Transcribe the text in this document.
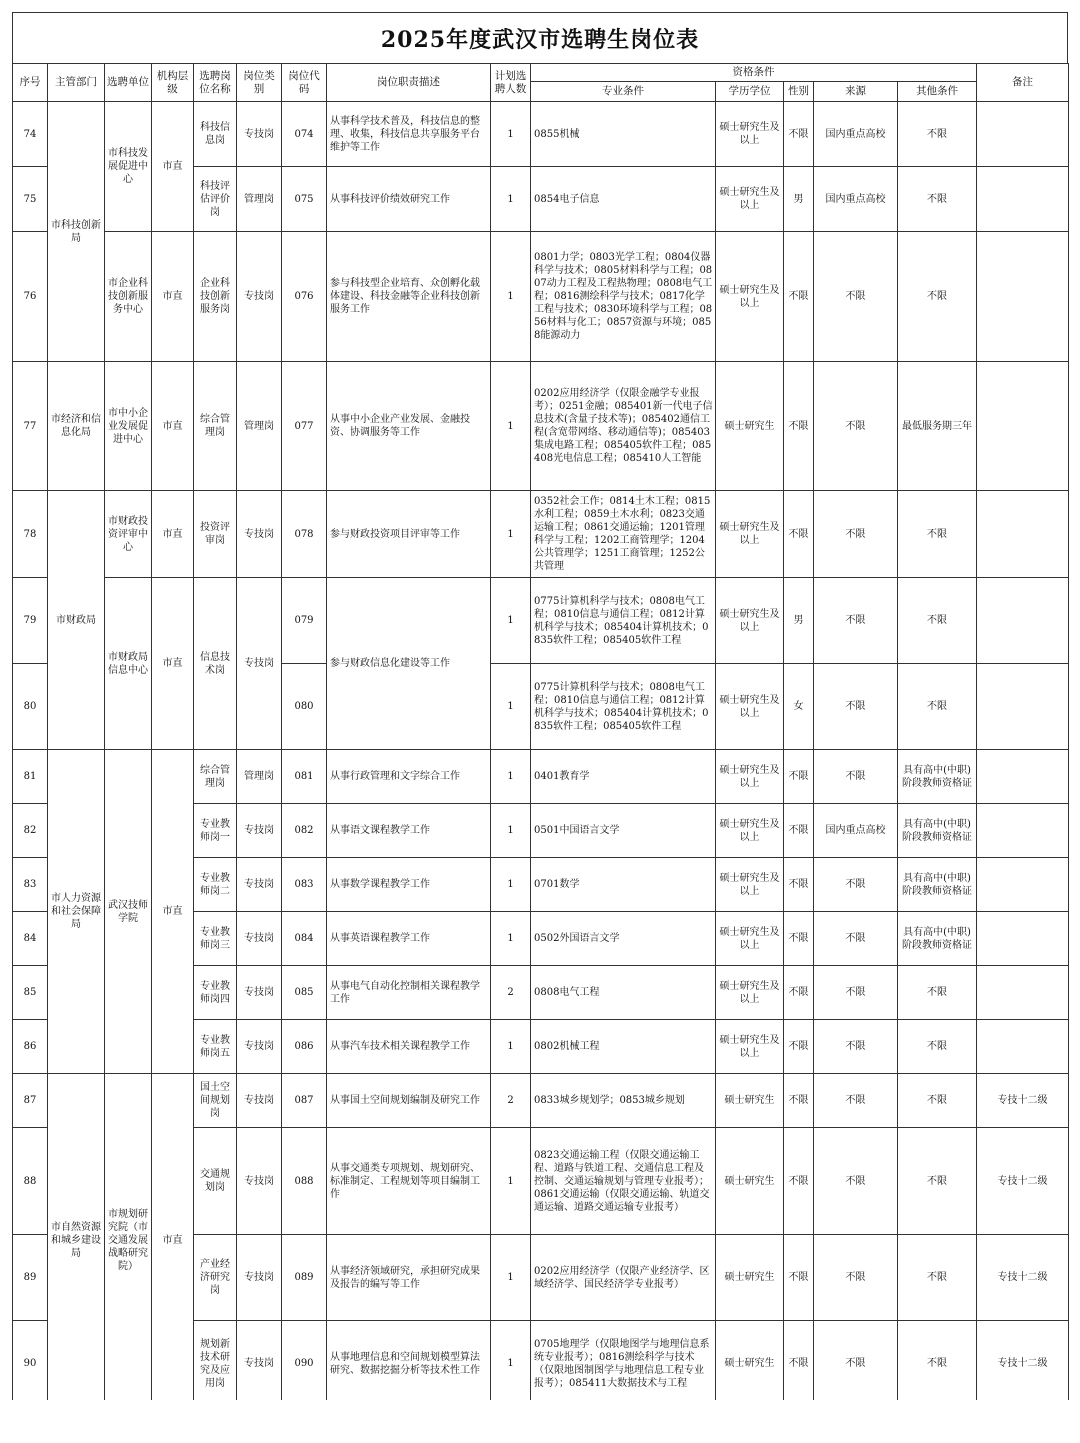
2025年度武汉市选聘生岗位表
序号	主管部门	选聘单位	机构层级	选聘岗位名称	岗位类别	岗位代码	岗位职责描述	计划选聘人数	资格条件					备注
									专业条件	学历学位	性别	来源	其他条件	
74	市科技创新局	市科技发展促进中心	市直	科技信息岗	专技岗	074	从事科学技术普及，科技信息的整理、收集，科技信息共享服务平台维护等工作	1	0855机械	硕士研究生及以上	不限	国内重点高校	不限	
75				科技评估评价岗	管理岗	075	从事科技评价绩效研究工作	1	0854电子信息	硕士研究生及以上	男	国内重点高校	不限	
76		市企业科技创新服务中心	市直	企业科技创新服务岗	专技岗	076	参与科技型企业培育、众创孵化载体建设、科技金融等企业科技创新服务工作	1	0801力学；0803光学工程；0804仪器科学与技术；0805材料科学与工程；0807动力工程及工程热物理；0808电气工程；0816测绘科学与技术；0817化学工程与技术；0830环境科学与工程；0856材料与化工；0857资源与环境；0858能源动力	硕士研究生及以上	不限	不限	不限	
77	市经济和信息化局	市中小企业发展促进中心	市直	综合管理岗	管理岗	077	从事中小企业产业发展、金融投资、协调服务等工作	1	0202应用经济学（仅限金融学专业报考）；0251金融；085401新一代电子信息技术(含量子技术等)；085402通信工程(含宽带网络、移动通信等)；085403集成电路工程；085405软件工程；085408光电信息工程；085410人工智能	硕士研究生	不限	不限	最低服务期三年	
78	市财政局	市财政投资评审中心	市直	投资评审岗	专技岗	078	参与财政投资项目评审等工作	1	0352社会工作；0814土木工程；0815水利工程；0859土木水利；0823交通运输工程；0861交通运输；1201管理科学与工程；1202工商管理学；1204公共管理学；1251工商管理；1252公共管理	硕士研究生及以上	不限	不限	不限	
79		市财政局信息中心	市直	信息技术岗	专技岗	079	参与财政信息化建设等工作	1	0775计算机科学与技术；0808电气工程；0810信息与通信工程；0812计算机科学与技术；085404计算机技术；0835软件工程；085405软件工程	硕士研究生及以上	男	不限	不限	
80						080		1	0775计算机科学与技术；0808电气工程；0810信息与通信工程；0812计算机科学与技术；085404计算机技术；0835软件工程；085405软件工程	硕士研究生及以上	女	不限	不限	
81	市人力资源和社会保障局	武汉技师学院	市直	综合管理岗	管理岗	081	从事行政管理和文字综合工作	1	0401教育学	硕士研究生及以上	不限	不限	具有高中(中职)阶段教师资格证	
82				专业教师岗一	专技岗	082	从事语文课程教学工作	1	0501中国语言文学	硕士研究生及以上	不限	国内重点高校	具有高中(中职)阶段教师资格证	
83				专业教师岗二	专技岗	083	从事数学课程教学工作	1	0701数学	硕士研究生及以上	不限	不限	具有高中(中职)阶段教师资格证	
84				专业教师岗三	专技岗	084	从事英语课程教学工作	1	0502外国语言文学	硕士研究生及以上	不限	不限	具有高中(中职)阶段教师资格证	
85				专业教师岗四	专技岗	085	从事电气自动化控制相关课程教学工作	2	0808电气工程	硕士研究生及以上	不限	不限	不限	
86				专业教师岗五	专技岗	086	从事汽车技术相关课程教学工作	1	0802机械工程	硕士研究生及以上	不限	不限	不限	
87	市自然资源和城乡建设局	市规划研究院（市交通发展战略研究院）	市直	国土空间规划岗	专技岗	087	从事国土空间规划编制及研究工作	2	0833城乡规划学；0853城乡规划	硕士研究生	不限	不限	不限	专技十二级
88				交通规划岗	专技岗	088	从事交通类专项规划、规划研究、标准制定、工程规划等项目编制工作	1	0823交通运输工程（仅限交通运输工程、道路与铁道工程、交通信息工程及控制、交通运输规划与管理专业报考）；0861交通运输（仅限交通运输、轨道交通运输、道路交通运输专业报考）	硕士研究生	不限	不限	不限	专技十二级
89				产业经济研究岗	专技岗	089	从事经济领域研究，承担研究成果及报告的编写等工作	1	0202应用经济学（仅限产业经济学、区域经济学、国民经济学专业报考）	硕士研究生	不限	不限	不限	专技十二级
90				规划新技术研究及应用岗	专技岗	090	从事地理信息和空间规划模型算法研究、数据挖掘分析等技术性工作	1	0705地理学（仅限地图学与地理信息系统专业报考）；0816测绘科学与技术（仅限地图制图学与地理信息工程专业报考）；085411大数据技术与工程	硕士研究生	不限	不限	不限	专技十二级
